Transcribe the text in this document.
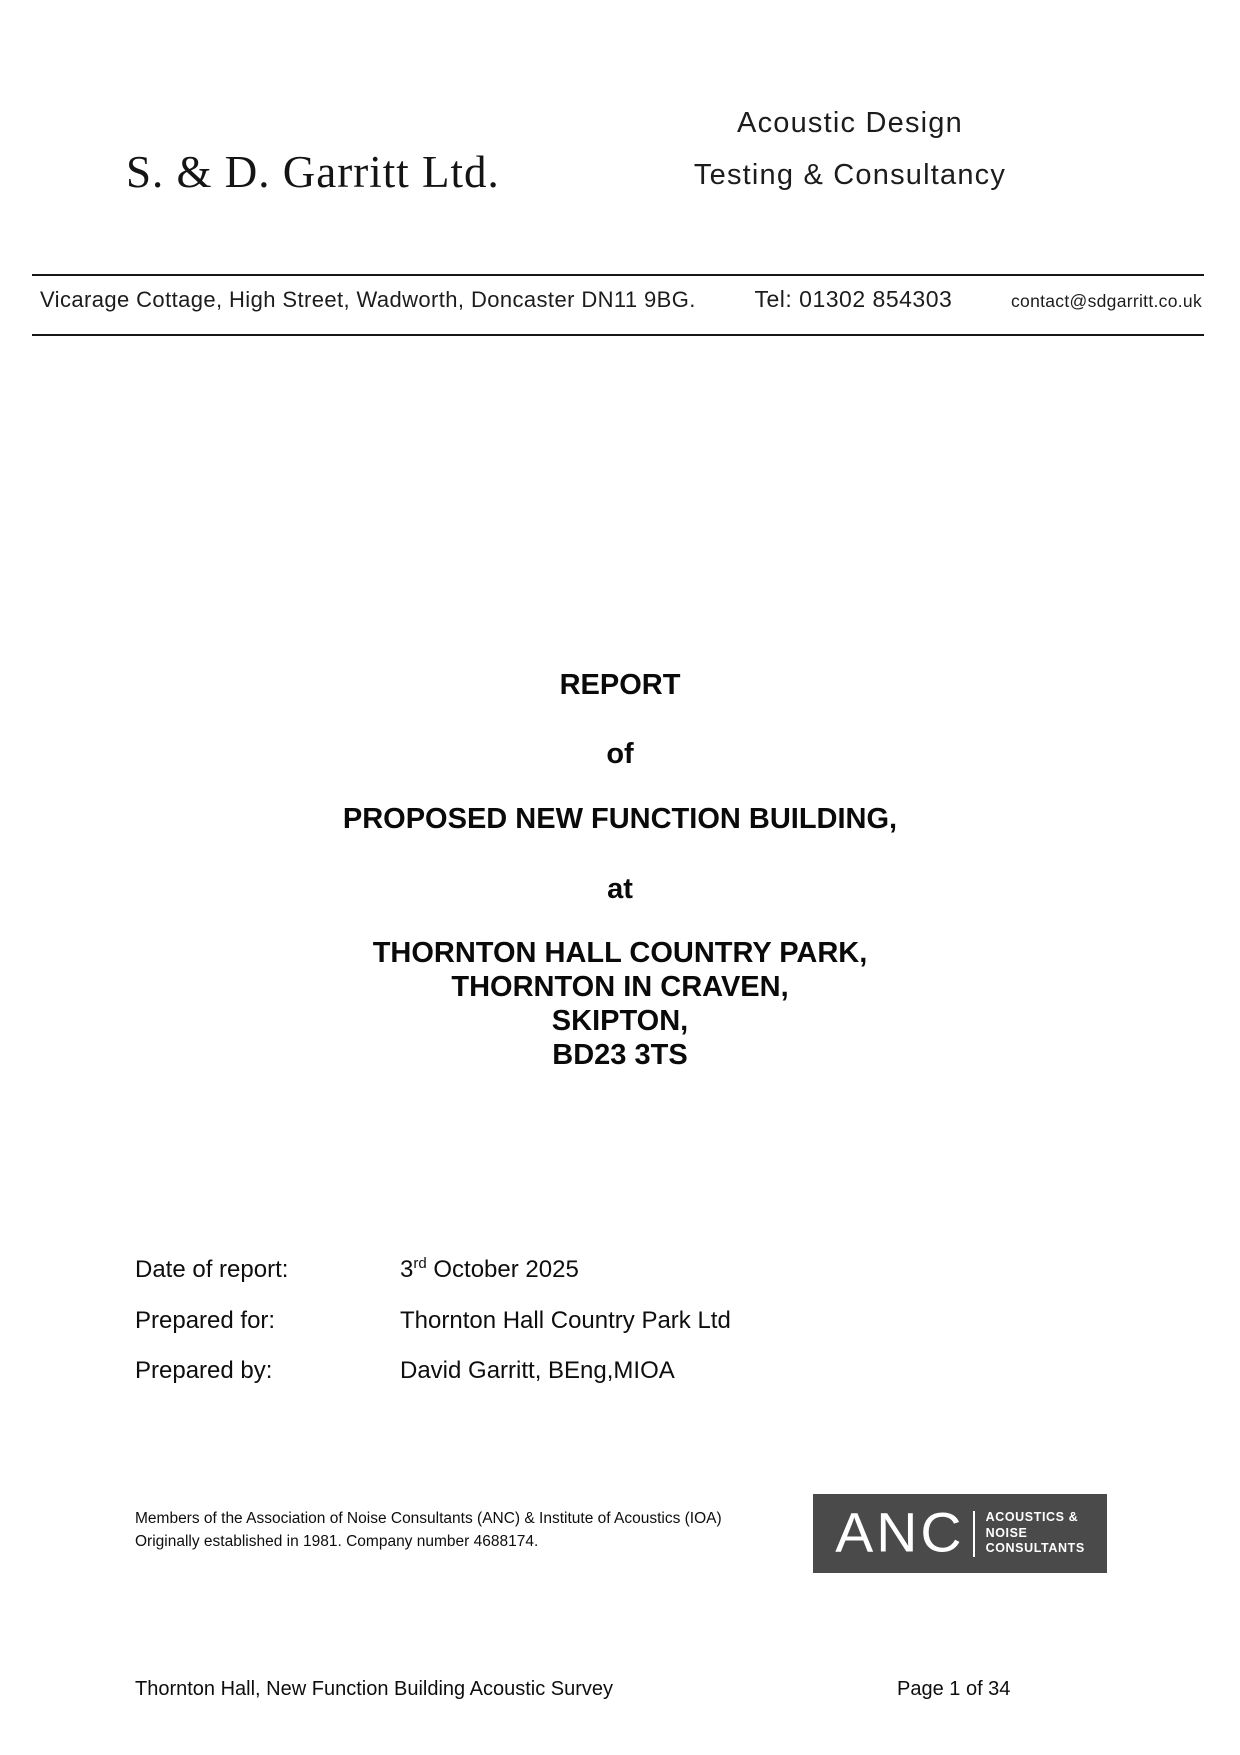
S. & D. Garritt Ltd.
Acoustic Design
Testing & Consultancy
Vicarage Cottage, High Street, Wadworth, Doncaster DN11 9BG.	Tel: 01302 854303	contact@sdgarritt.co.uk
REPORT
of
PROPOSED NEW FUNCTION BUILDING,
at
THORNTON HALL COUNTRY PARK,
THORNTON IN CRAVEN,
SKIPTON,
BD23 3TS
Date of report:	3rd October 2025
Prepared for:	Thornton Hall Country Park Ltd
Prepared by:	David Garritt, BEng,MIOA
Members of the Association of Noise Consultants (ANC) & Institute of Acoustics (IOA)
Originally established in 1981. Company number 4688174.	ANC ACOUSTICS &
NOISE
CONSULTANTS
Thornton Hall, New Function Building Acoustic Survey	Page 1 of 34
